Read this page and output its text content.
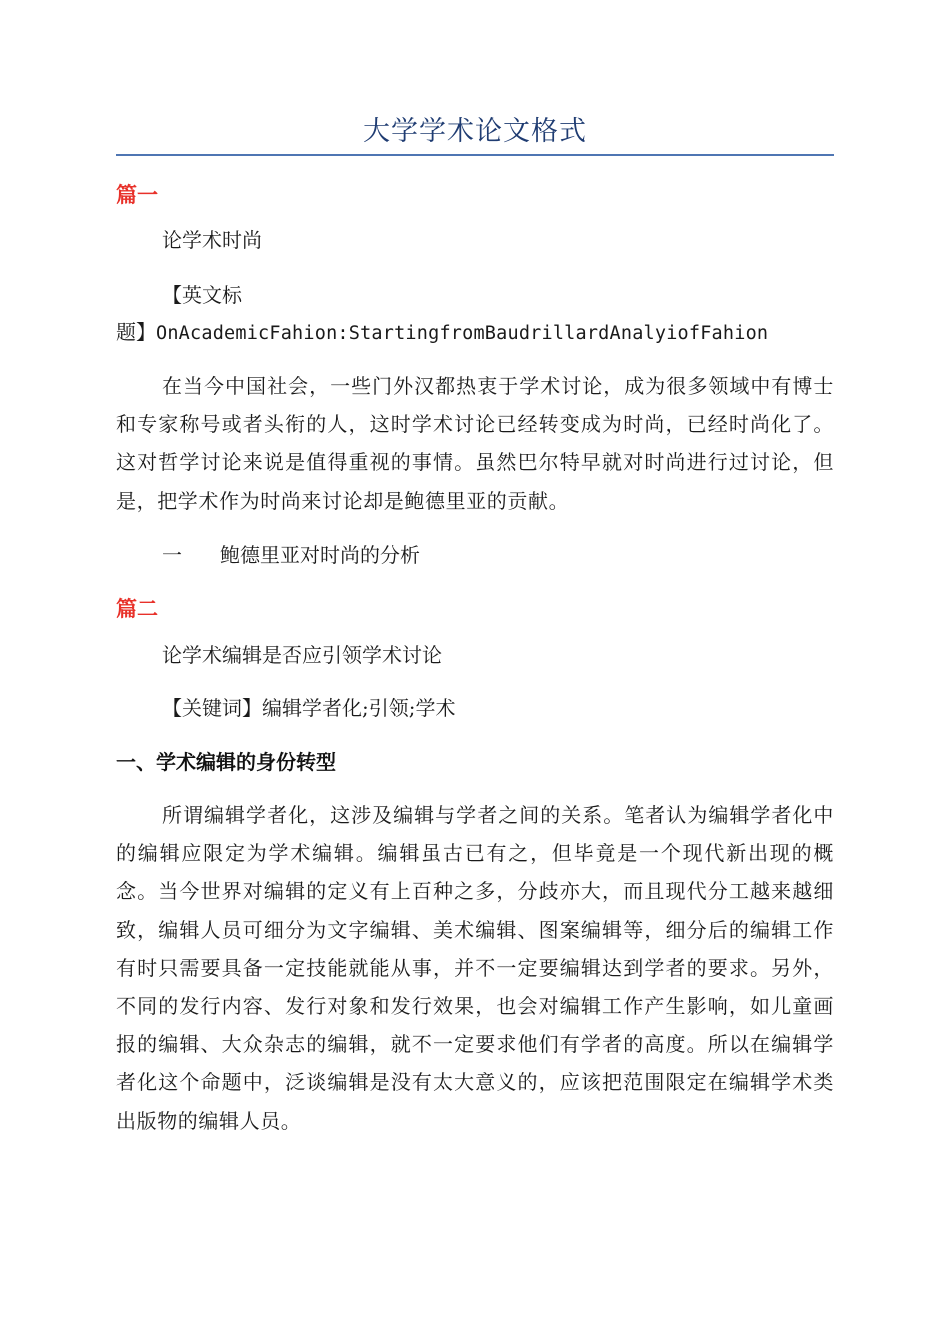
大学学术论文格式
篇一
论学术时尚
【英文标
题】OnAcademicFahion:StartingfromBaudrillardAnalyiofFahion
在当今中国社会，一些门外汉都热衷于学术讨论，成为很多领域中有博士和专家称号或者头衔的人，这时学术讨论已经转变成为时尚，已经时尚化了。这对哲学讨论来说是值得重视的事情。虽然巴尔特早就对时尚进行过讨论，但是，把学术作为时尚来讨论却是鲍德里亚的贡献。
一 鲍德里亚对时尚的分析
篇二
论学术编辑是否应引领学术讨论
【关键词】编辑学者化;引领;学术
一、学术编辑的身份转型
所谓编辑学者化，这涉及编辑与学者之间的关系。笔者认为编辑学者化中的编辑应限定为学术编辑。编辑虽古已有之，但毕竟是一个现代新出现的概念。当今世界对编辑的定义有上百种之多，分歧亦大，而且现代分工越来越细致，编辑人员可细分为文字编辑、美术编辑、图案编辑等，细分后的编辑工作有时只需要具备一定技能就能从事，并不一定要编辑达到学者的要求。另外，不同的发行内容、发行对象和发行效果，也会对编辑工作产生影响，如儿童画报的编辑、大众杂志的编辑，就不一定要求他们有学者的高度。所以在编辑学者化这个命题中，泛谈编辑是没有太大意义的，应该把范围限定在编辑学术类出版物的编辑人员。
